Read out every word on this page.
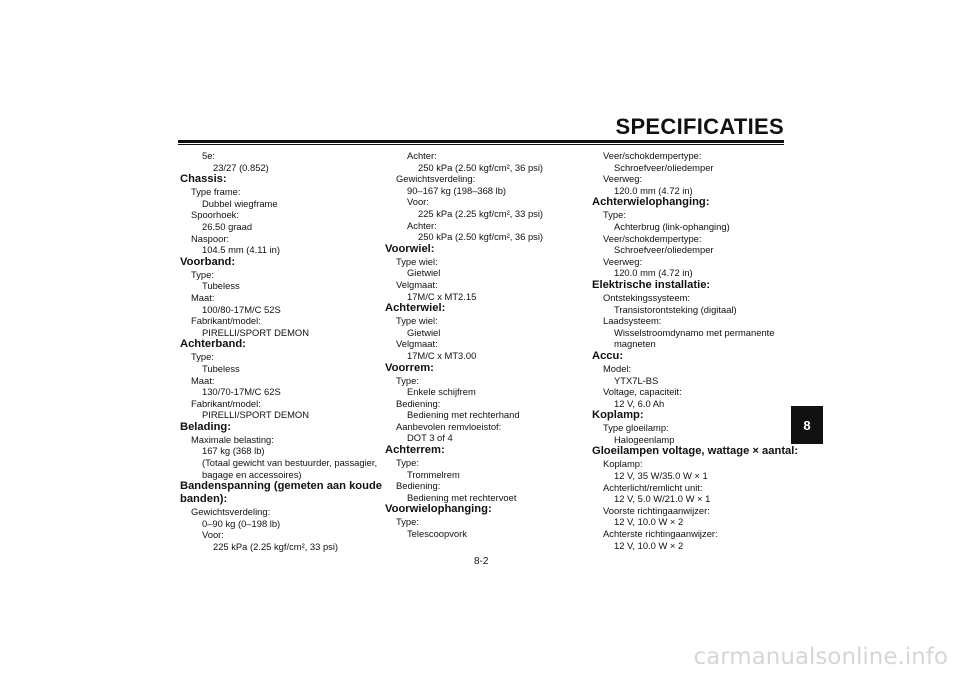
SPECIFICATIES
5e:
23/27 (0.852)
Chassis:
Type frame:
Dubbel wiegframe
Spoorhoek:
26.50 graad
Naspoor:
104.5 mm (4.11 in)
Voorband:
Type:
Tubeless
Maat:
100/80-17M/C 52S
Fabrikant/model:
PIRELLI/SPORT DEMON
Achterband:
Type:
Tubeless
Maat:
130/70-17M/C 62S
Fabrikant/model:
PIRELLI/SPORT DEMON
Belading:
Maximale belasting:
167 kg (368 lb)
(Totaal gewicht van bestuurder, passagier,
bagage en accessoires)
Bandenspanning (gemeten aan koude
banden):
Gewichtsverdeling:
0–90 kg (0–198 lb)
Voor:
225 kPa (2.25 kgf/cm², 33 psi)
Achter:
250 kPa (2.50 kgf/cm², 36 psi)
Gewichtsverdeling:
90–167 kg (198–368 lb)
Voor:
225 kPa (2.25 kgf/cm², 33 psi)
Achter:
250 kPa (2.50 kgf/cm², 36 psi)
Voorwiel:
Type wiel:
Gietwiel
Velgmaat:
17M/C x MT2.15
Achterwiel:
Type wiel:
Gietwiel
Velgmaat:
17M/C x MT3.00
Voorrem:
Type:
Enkele schijfrem
Bediening:
Bediening met rechterhand
Aanbevolen remvloeistof:
DOT 3 of 4
Achterrem:
Type:
Trommelrem
Bediening:
Bediening met rechtervoet
Voorwielophanging:
Type:
Telescoopvork
Veer/schokdempertype:
Schroefveer/oliedemper
Veerweg:
120.0 mm (4.72 in)
Achterwielophanging:
Type:
Achterbrug (link-ophanging)
Veer/schokdempertype:
Schroefveer/oliedemper
Veerweg:
120.0 mm (4.72 in)
Elektrische installatie:
Ontstekingssysteem:
Transistorontsteking (digitaal)
Laadsysteem:
Wisselstroomdynamo met permanente
magneten
Accu:
Model:
YTX7L-BS
Voltage, capaciteit:
12 V, 6.0 Ah
Koplamp:
Type gloeilamp:
Halogeenlamp
Gloeilampen voltage, wattage × aantal:
Koplamp:
12 V, 35 W/35.0 W × 1
Achterlicht/remlicht unit:
12 V, 5.0 W/21.0 W × 1
Voorste richtingaanwijzer:
12 V, 10.0 W × 2
Achterste richtingaanwijzer:
12 V, 10.0 W × 2
8-2
8
carmanualsonline.info
